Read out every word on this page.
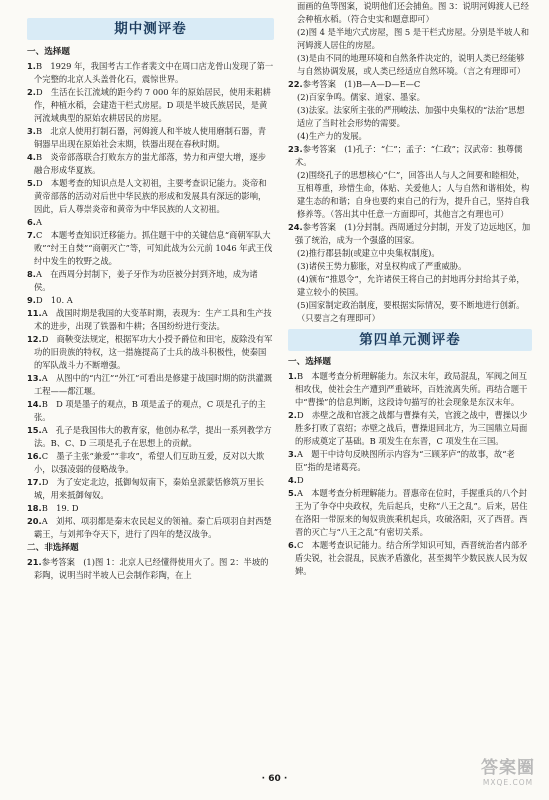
期中测评卷

一、选择题

1.B　1929 年，我国考古工作者裴文中在周口店龙骨山发现了第一个完整的北京人头盖骨化石，震惊世界。

2.D　生活在长江流域的距今约 7 000 年的原始居民，使用耒耜耕作，种植水稻，会建造干栏式房屋。D 项是半坡氏族居民，是黄河流域典型的原始农耕居民的房屋。

3.B　北京人使用打制石器，河姆渡人和半坡人使用磨制石器，青铜器早出现在原始社会末期，铁器出现在春秋时期。

4.B　炎帝部落联合打败东方的蚩尤部落，势力和声望大增，逐步融合形成华夏族。

5.D　本题考查的知识点是人文初祖，主要考查识记能力。炎帝和黄帝部落的活动对后世中华民族的形成和发展具有深远的影响，因此，后人尊崇炎帝和黄帝为中华民族的人文初祖。

6.A

7.C　本题考查知识迁移能力。抓住题干中的关键信息“商朝军队大败”“纣王自焚”“商朝灭亡”等，可知此战为公元前 1046 年武王伐纣中发生的牧野之战。

8.A　在西周分封制下，姜子牙作为功臣被分封到齐地，成为诸侯。

9.D　10. A

11.A　战国时期是我国的大变革时期，表现为：生产工具和生产技术的进步，出现了铁器和牛耕；各国纷纷进行变法。

12.D　商鞅变法规定，根据军功大小授予爵位和田宅，废除没有军功的旧贵族的特权，这一措施提高了士兵的战斗积极性，使秦国的军队战斗力不断增强。

13.A　从图中的“内江”“外江”可看出是修建于战国时期的防洪灌溉工程——都江堰。

14.B　D 项是墨子的观点，B 项是孟子的观点，C 项是孔子的主张。

15.A　孔子是我国伟大的教育家，他创办私学，提出一系列教学方法。B、C、D 三项是孔子在思想上的贡献。

16.C　墨子主张“兼爱”“非攻”，希望人们互助互爱，反对以大欺小，以强凌弱的侵略战争。

17.D　为了安定北边，抵御匈奴南下，秦始皇派蒙恬修筑万里长城，用来抵御匈奴。

18.B　19. D

20.A　刘邦、项羽都是秦末农民起义的领袖。秦亡后项羽自封西楚霸王，与刘邦争夺天下，进行了四年的楚汉战争。

二、非选择题

21.参考答案　(1)图 1：北京人已经懂得使用火了。图 2：半坡的彩陶，说明当时半坡人已会制作彩陶，在上

面画的鱼等图案，说明他们还会捕鱼。图 3：说明河姆渡人已经会种植水稻。（符合史实和题意即可）

(2)图 4 是半地穴式房屋，图 5 是干栏式房屋。分别是半坡人和河姆渡人居住的房屋。

(3)是由不同的地理环境和自然条件决定的，说明人类已经能够与自然协调发展，或人类已经适应自然环境。（言之有理即可）

22.参考答案　(1)B—A—D—E—C

(2)百家争鸣。儒家、道家、墨家。

(3)法家。法家所主张的严刑峻法、加强中央集权的“法治”思想适应了当时社会形势的需要。

(4)生产力的发展。

23.参考答案　(1)孔子：“仁”；孟子：“仁政”；汉武帝：独尊儒术。

(2)围绕孔子的思想核心“仁”，回答出人与人之间要和睦相处，互相尊重，珍惜生命，体贴、关爱他人；人与自然和谐相处，构建生态的和谐；自身也要约束自己的行为，提升自己，坚持自我修养等。（答出其中任意一方面即可，其他言之有理也可）

24.参考答案　(1)分封制。西周通过分封制，开发了边远地区，加强了统治，成为一个强盛的国家。

(2)推行郡县制(或建立中央集权制度)。

(3)诸侯王势力膨胀，对皇权构成了严重威胁。

(4)颁布“推恩令”，允许诸侯王将自己的封地再分封给其子弟，建立较小的侯国。

(5)国家制定政治制度，要根据实际情况，要不断地进行创新。（只要言之有理即可）

第四单元测评卷

一、选择题

1.B　本题考查分析理解能力。东汉末年，政局混乱，军阀之间互相攻伐，使社会生产遭到严重破坏，百姓流离失所。再结合题干中“曹操”的信息判断，这段诗句描写的社会现象是东汉末年。

2.D　赤壁之战和官渡之战都与曹操有关，官渡之战中，曹操以少胜多打败了袁绍；赤壁之战后，曹操退回北方，为三国鼎立局面的形成奠定了基础。B 项发生在东晋，C 项发生在三国。

3.A　题干中诗句反映图所示内容为“三顾茅庐”的故事，故“老臣”指的是诸葛亮。

4.D

5.A　本题考查分析理解能力。晋惠帝在位时，手握重兵的八个封王为了争夺中央政权，先后起兵，史称“八王之乱”。后来，居住在洛阳一带原来的匈奴贵族乘机起兵，攻破洛阳，灭了西晋。西晋的灭亡与“八王之乱”有密切关系。

6.C　本题考查识记能力。结合所学知识可知，西晋统治者内部矛盾尖锐，社会混乱，民族矛盾激化，甚至揭竿少数民族人民为奴婢。

· 60 ·
答案圈
MXQE.COM
